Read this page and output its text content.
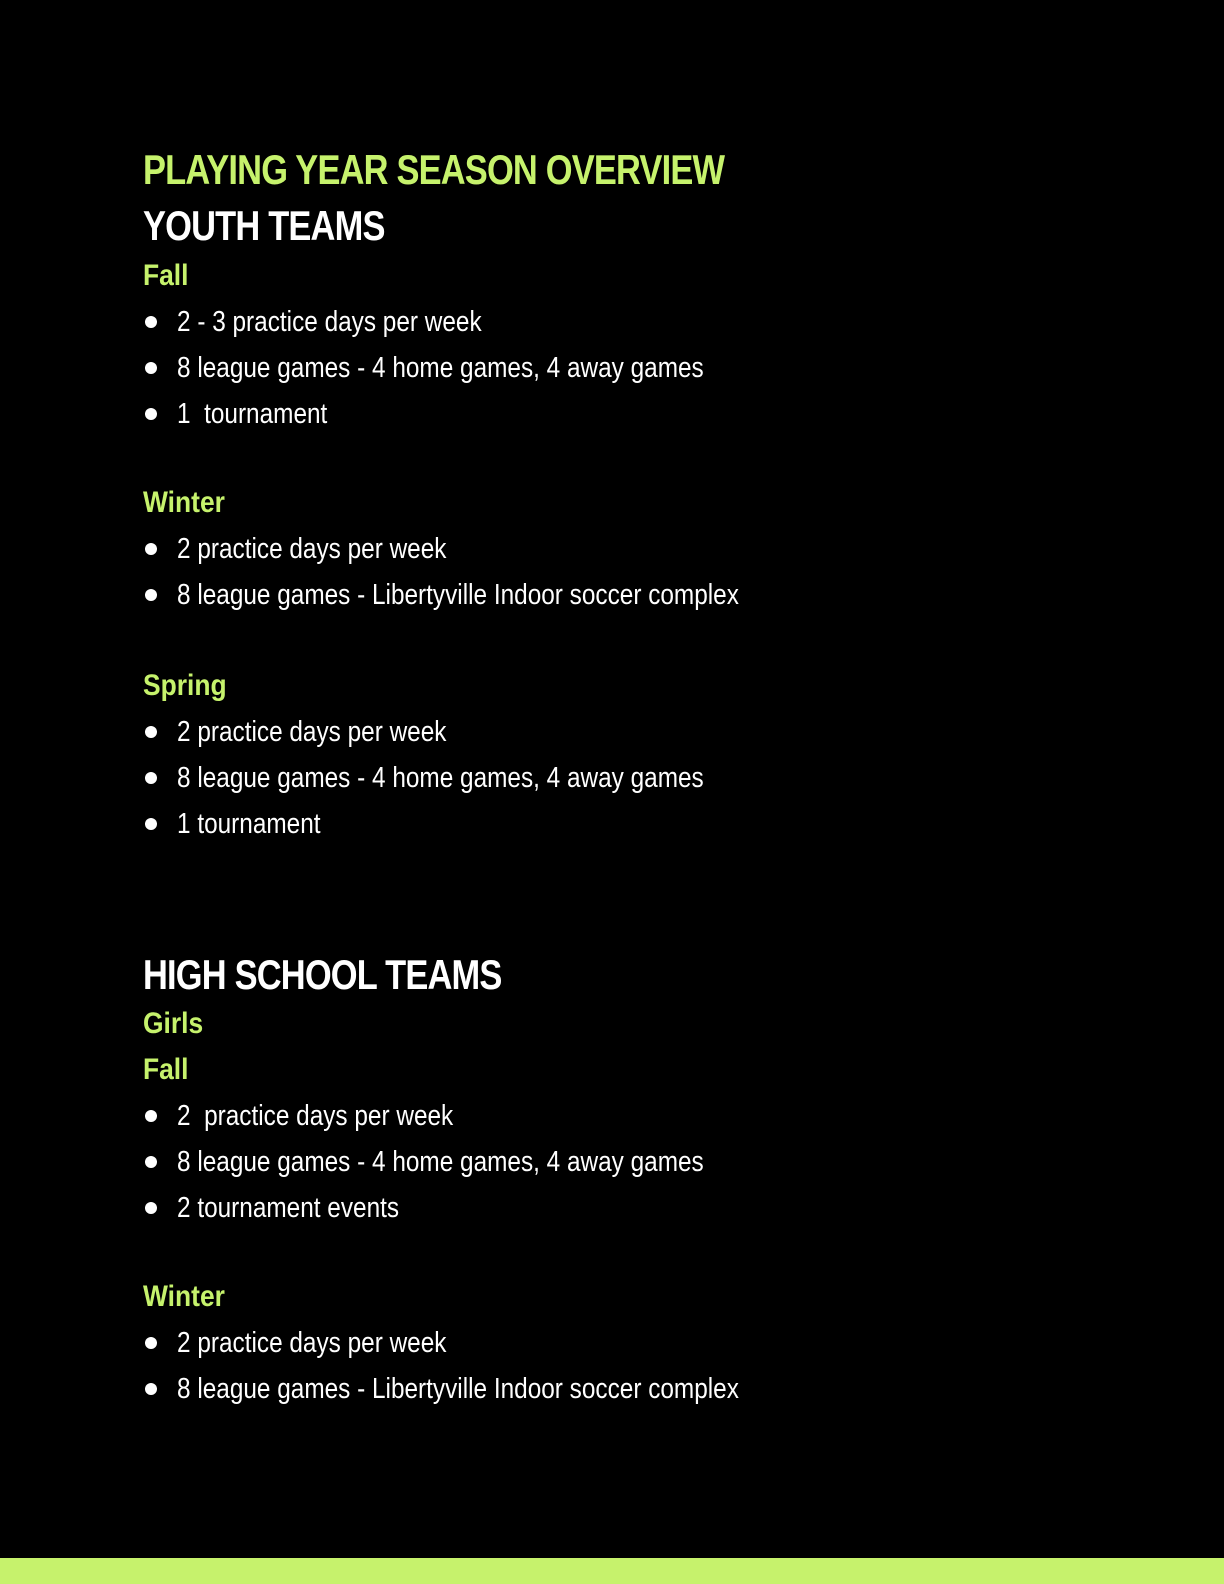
PLAYING YEAR SEASON OVERVIEW
YOUTH TEAMS
Fall
2 - 3 practice days per week
8 league games - 4 home games, 4 away games
1  tournament
Winter
2 practice days per week
8 league games - Libertyville Indoor soccer complex
Spring
2 practice days per week
8 league games - 4 home games, 4 away games
1 tournament
HIGH SCHOOL TEAMS
Girls
Fall
2  practice days per week
8 league games - 4 home games, 4 away games
2 tournament events
Winter
2 practice days per week
8 league games - Libertyville Indoor soccer complex
